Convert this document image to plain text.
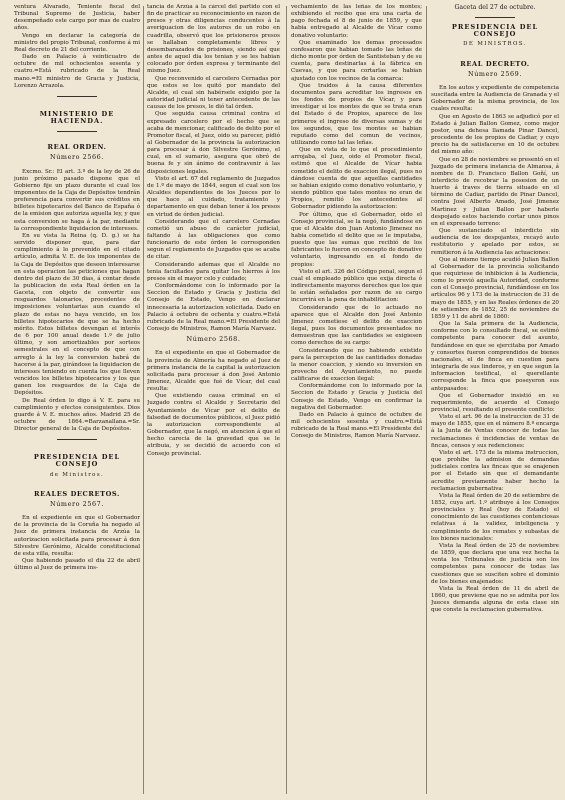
ventura Alvarado, Teniente fiscal del Tribunal Supremo de Justicia, haber desempeñado este cargo por mas de cuatro años.

Vengo en declarar la categoría de ministro del propio Tribunal, conforme á mi Real decreto de 21 del corriente.

Dado en Palacio á veinticuatro de octubre de mil ochocientos sesenta y cuatro.=Está rubricado de la Real mano.=El ministro de Gracia y Justicia, Lorenzo Arrazola.

MINISTERIO DE HACIENDA.
REAL ORDEN.
Número 2566.

Excmo. Sr.: El art. 3.º de la ley de 26 de junio próximo pasado dispone que el Gobierno fije un plazo durante el cual los imponentes de la Caja de Depósitos tendrán preferencia para convertir sus créditos en billetes hipotecarios del Banco de España ó de la emision que autoriza aquella ley, y que esta conversion se haga á la par, mediante la correspondiente liquidacion de intereses.

En su vista la Reina (q. D. g.) se ha servido disponer que, para dar cumplimiento á lo prevenido en el citado artículo, admita V. E. de los imponentes de la Caja de Depósitos que deseen interesarse en esta operacion las peticiones que hagan dentro del plazo de 30 dias, á contar desde la publicacion de esta Real órden en la Gaceta, con objeto de convertir sus resguardos talonarios, procedentes de imposiciones voluntarias aun cuando el plazo de estas no haya vencido, en los billetes hipotecarios de que se ha hecho mérito. Estos billetes devengan el interés de 6 por 100 anual desde 1.º de julio último, y son amortizables por sorteos semestrales en el concepto de que con arreglo á la ley la conversion habrá de hacerse á la par, girándose la liquidacion de intereses teniendo en cuenta los que lleven vencidos los billetes hipotecarios y los que ganen los resguardos de la Caja de Depósitos.

De Real órden lo digo á V. E. para su cumplimiento y efectos consiguientes. Dios guarde á V. E. muchos años. Madrid 25 de octubre de 1864.=Barzanallana.=Sr. Director general de la Caja de Depósitos.

PRESIDENCIA DEL CONSEJO
de Ministros.
REALES DECRETOS.
Número 2567.

En el expediente en que el Gobernador de la provincia de la Coruña ha negado al Juez de primera instancia de Arzúa la autorizacion solicitada para procesar á don Silvestre Gerónimo, Alcalde constitucional de esta villa, resulta:

Que habiendo pasado el dia 22 de abril último al Juez de primera ins-

tancia de Arzúa á la cárcel del partido con el fin de practicar su reconocimiento en razon de presos y otras diligencias conducentes á la averiguacion de los autores de un robo en cuadrilla, observó que los prisioneros presos se hallaban completamente libres y desembarazados de prisiones, siendo así que antes de aquel dia los tenian y se les habian colocado por órden expresa y terminante del mismo Juez.

Que reconvenido el carcelero Cernadas por que estos se los quitó por mandato del Alcalde, el cual sin habérsele exigido por la autoridad judicial ni tener antecedente de las causas de los presos, le dió tal órden.

Que seguida causa criminal contra el expresado carcelero por el hecho que se acaba de mencionar, calificado de delito por el Promotor fiscal, el Juez, oido su parecer, pidió al Gobernador de la provincia la autorizacion para procesar á don Silvestre Gerónimo, el cual, en el sumario, asegura que obró de buena fe y sin ánimo de contravenir á las disposiciones legales.

Visto el art. 67 del reglamento de Juzgados de 1.º de mayo de 1844, segun el cual son los Alcaldes dependientes de los Jueces por lo que hace al cuidado, tratamiento y departamento en que deban tener á los presos en virtud de órden judicial.

Considerando que el carcelero Cernadas cometió un abuso de carácter judicial, faltando á las obligaciones que como funcionario de este órden le corresponden segun el reglamento de Juzgados que se acaba de citar.

Considerando ademas que el Alcalde no tenia facultades para quitar los hierros á los presos sin el mayor celo y cuidado;

Conformándome con lo informado por la Seccion de Estado y Gracia y Justicia del Consejo de Estado, Vengo en declarar innecesaria la autorizacion solicitada. Dado en Palacio á octubre de ochenta y cuatro.=Está rubricado de la Real mano.=El Presidente del Consejo de Ministros, Ramon María Narvaez.

Número 2568.

En el expediente en que el Gobernador de la provincia de Almería ha negado al Juez de primera instancia de la capital la autorizacion solicitada para procesar á don José Antonio Jimenez, Alcalde que fué de Vícar, del cual resulta:

Que existiendo causa criminal en el Juzgado contra el Alcalde y Secretario del Ayuntamiento de Vícar por el delito de falsedad de documentos públicos, el Juez pidió la autorizacion correspondiente al Gobernador, que la negó, en atencion á que el hecho carecia de la gravedad que se le atribuia, y se decidió de acuerdo con el Consejo provincial.

vechamiento de las leñas de los montes; exhibiendo el recibo que era una carta de pago fechada el 8 de junio de 1859, y que habia entregado al Alcalde de Vícar como donativo voluntario:

Que examinado los demas procesados confesaron que habian tomado las leñas de dicho monte por órden de Santisteban y de su cuenta, para destinarlas á la fábrica en Cuevas, y que para cortarlas se habian ajustado con los vecinos de la comarca:

Que traidos á la causa diferentes documentos para acreditar los ingresos en los fondos de propios de Vícar, y para investigar si los montes de que se trata eran del Estado ó de Propios, aparece de los primeros el ingreso de diversas sumas y de los segundos, que los montes se habian reputado como del comun de vecinos, utilizando como tal las leñas.

Que en vista de lo que el procedimiento arrojaba, el Juez, oido el Promotor fiscal, estimó que el Alcalde de Vícar habia cometido el delito de exaccion ilegal, pues no dándose cuenta de que aquellas cantidades se habian exigido como donativo voluntario, y siendo público que tales montes no eran de Propios, remitió los antecedentes al Gobernador pidiendo la autorizacion:

Por último, que el Gobernador, oido el Consejo provincial, se la negó, fundándose en que el Alcalde don Juan Antonio Jimenez no habia cometido el delito que se le imputaba, puesto que las sumas que recibió de los fabricantes lo fueron en concepto de donativo voluntario, ingresando en el fondo de propios:

Visto el art. 326 del Código penal, segun el cual el empleado público que exija directa ó indirectamente mayores derechos que los que le están señalados por razon de su cargo incurrirá en la pena de inhabilitacion:

Considerando que de lo actuado no aparece que el Alcalde don José Antonio Jimenez cometiese el delito de exaccion ilegal, pues los documentos presentados no demuestran que las cantidades se exigiesen como derechos de su cargo:

Considerando que no habiendo existido para la percepcion de las cantidades donadas la menor coaccion, y siendo su inversion en provecho del Ayuntamiento, no puede calificarse de exaccion ilegal:

Conformándome con lo informado por la Seccion de Estado y Gracia y Justicia del Consejo de Estado, Vengo en confirmar la negativa del Gobernador.

Dado en Palacio á quince de octubre de mil ochocientos sesenta y cuatro.=Está rubricado de la Real mano.=El Presidente del Consejo de Ministros, Ramon María Narvaez.

Gaceta del 27 de octubre.
PRESIDENCIA DEL CONSEJO
DE MINISTROS.
REAL DECRETO.
Número 2569.

En los autos y expediente de competencia suscitada entre la Audiencia de Granada y el Gobernador de la misma provincia, de los cuales resulta:

Que en Agosto de 1863 se adjudicó por el Estado á Julian Ballon Gomez, como mejor postor, una dehesa llamada Pinar Dancel, procedente de los propios de Cadiar, y cuyo precio ha de satisfacerse en 10 de octubre del mismo año:

Que en 28 de noviembre se presentó en el Juzgado de primera instancia de Almansa, á nombre de D. Francisco Ballon Goñí, un interdicto de recobrar la posesion de un huerto á traves de tierra situado en el término de Cadiar, partido de Pinar Dancel, contra José Alberto Amado, José Jimenez Martinez y Julian Ballon por haberle despojado estos haciendo cortar unos pinos en el expresado terreno:

Que sustanciado el interdicto sin audiencia de los despojantes, recayó auto restitutorio y apelado por estos, se remitieron á la Audiencia las actuaciones:

Que al mismo tiempo acudió Julian Ballon al Gobernador de la provincia solicitando que requiriese de inhibicion á la Audiencia, como lo previó aquella Autoridad, conforme con el Consejo provincial, fundándose en los artículos 96 y 173 de la instruccion de 31 de mayo de 1855, y en las Reales órdenes de 20 de setiembre de 1852, 25 de noviembre de 1859 y 11 de abril de 1860:

Que la Sala primera de la Audiencia, conforme con lo consultado fiscal, se estimó competente para conocer del asunto, fundándose en que se ejercitaba por Amado y consortes fueron comprendidos de bienes nacionales, el de finca en cuestion para integrarla de sus linderos, y en que segun la informacion testifical, el querellante corresponde la finca que poseyeron sus antepasados:

Que el Gobernador insistió en su requerimiento, de acuerdo el Consejo provincial, resultando el presente conflicto:

Visto el art. 96 de la instruccion de 31 de mayo de 1855, que en el número 8.º encarga á la Junta de Ventas conocer de todas las reclamaciones é incidencias de ventas de fincas, censos y sus redenciones:

Visto el art. 173 de la misma instruccion, que prohibe la admision de demandas judiciales contra las fincas que se enajenen por el Estado sin que el demandante acredite previamente haber hecho la reclamacion gubernativa:

Vista la Real órden de 20 de setiembre de 1852, cuya art. 1.º atribuye á los Consejos provinciales y Real (hoy de Estado) el conocimiento de las cuestiones contenciosas relativas á la validez, inteligencia y cumplimiento de los remates y subastas de los bienes nacionales:

Vista la Real órden de 25 de noviembre de 1859, que declara que una vez hecha la venta los Tribunales de justicia son los competentes para conocer de todas las cuestiones que se susciten sobre el dominio de los bienes enajenados:

Vista la Real órden de 11 de abril de 1860, que previene que no se admita por los Jueces demanda alguna de esta clase sin que conste la reclamacion gubernativa.
